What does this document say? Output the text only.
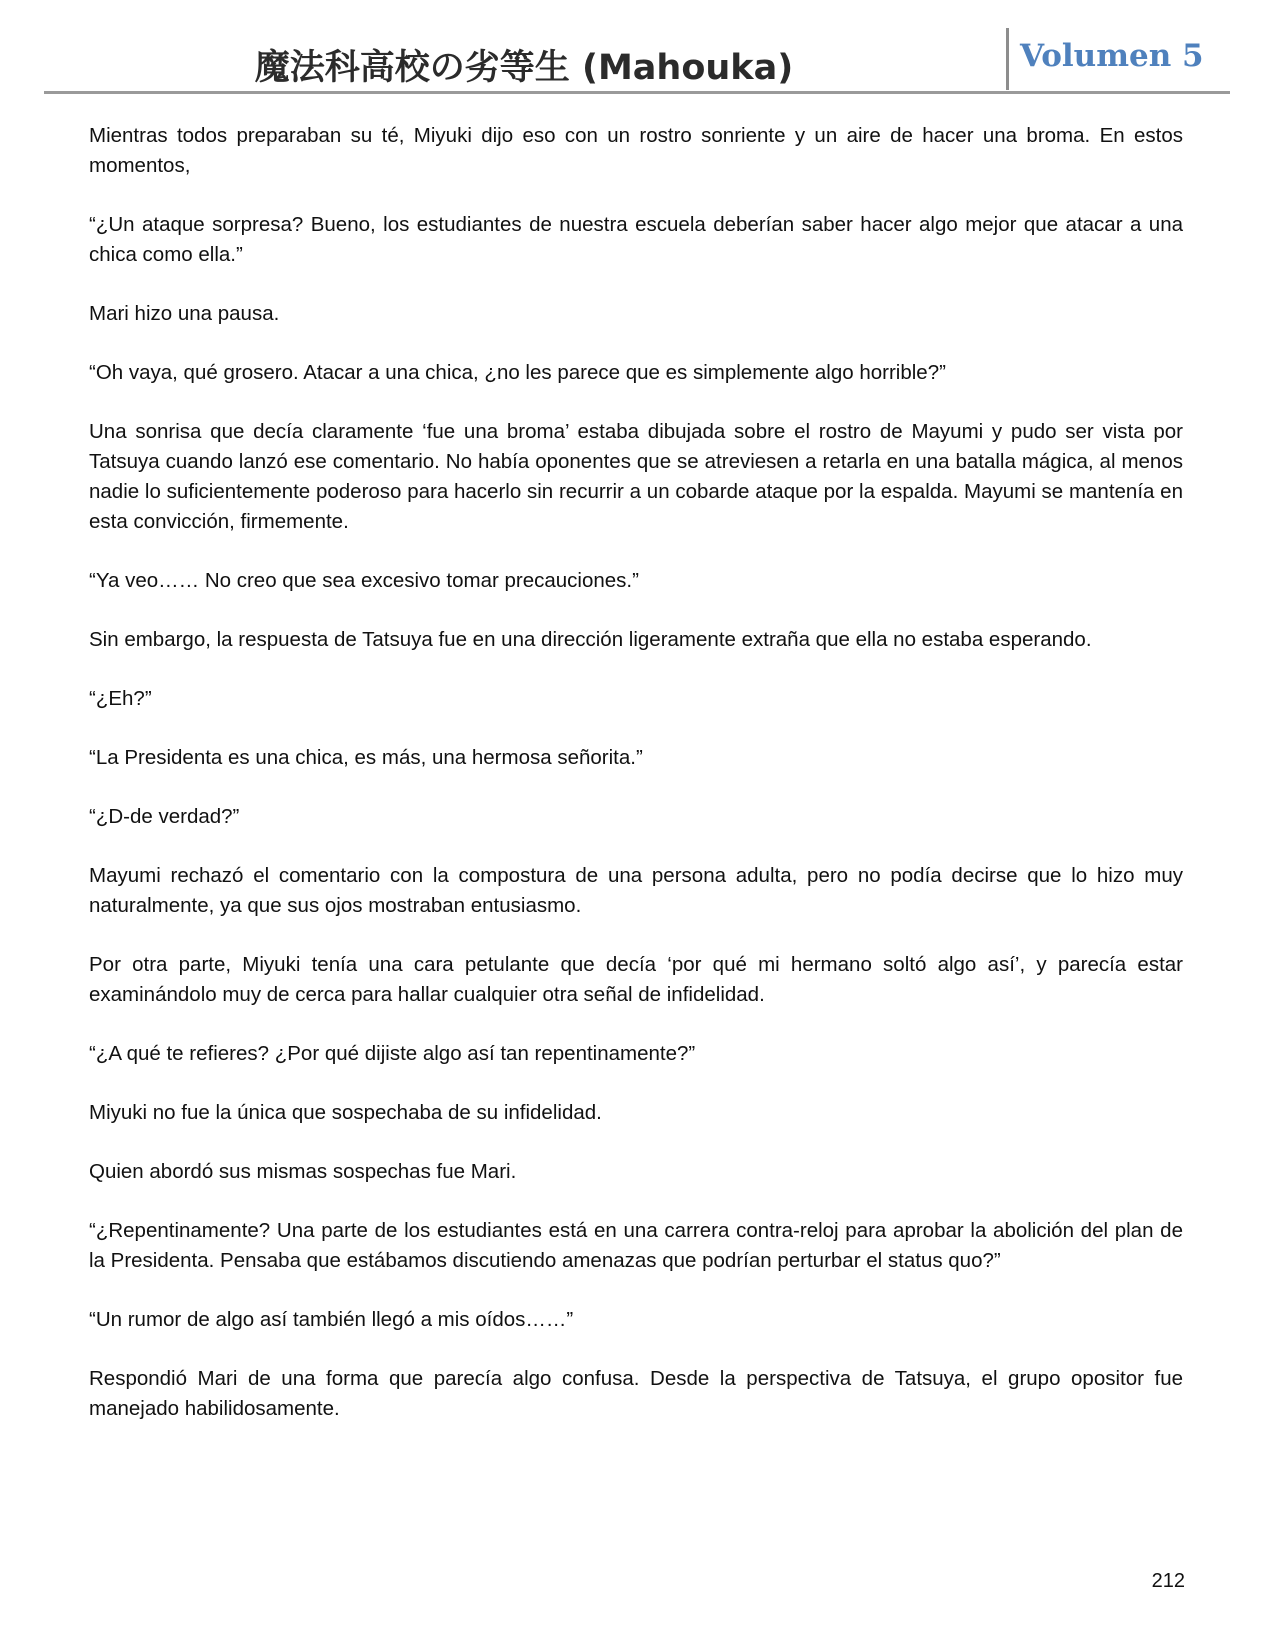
魔法科高校の劣等生 (Mahouka)	Volumen 5

Mientras todos preparaban su té, Miyuki dijo eso con un rostro sonriente y un aire de hacer una broma. En estos momentos,

“¿Un ataque sorpresa? Bueno, los estudiantes de nuestra escuela deberían saber hacer algo mejor que atacar a una chica como ella.”

Mari hizo una pausa.

“Oh vaya, qué grosero. Atacar a una chica, ¿no les parece que es simplemente algo horrible?”

Una sonrisa que decía claramente ‘fue una broma’ estaba dibujada sobre el rostro de Mayumi y pudo ser vista por Tatsuya cuando lanzó ese comentario. No había oponentes que se atreviesen a retarla en una batalla mágica, al menos nadie lo suficientemente poderoso para hacerlo sin recurrir a un cobarde ataque por la espalda. Mayumi se mantenía en esta convicción, firmemente.

“Ya veo…… No creo que sea excesivo tomar precauciones.”

Sin embargo, la respuesta de Tatsuya fue en una dirección ligeramente extraña que ella no estaba esperando.

“¿Eh?”

“La Presidenta es una chica, es más, una hermosa señorita.”

“¿D-de verdad?”

Mayumi rechazó el comentario con la compostura de una persona adulta, pero no podía decirse que lo hizo muy naturalmente, ya que sus ojos mostraban entusiasmo.

Por otra parte, Miyuki tenía una cara petulante que decía ‘por qué mi hermano soltó algo así’, y parecía estar examinándolo muy de cerca para hallar cualquier otra señal de infidelidad.

“¿A qué te refieres? ¿Por qué dijiste algo así tan repentinamente?”

Miyuki no fue la única que sospechaba de su infidelidad.

Quien abordó sus mismas sospechas fue Mari.

“¿Repentinamente? Una parte de los estudiantes está en una carrera contra-reloj para aprobar la abolición del plan de la Presidenta. Pensaba que estábamos discutiendo amenazas que podrían perturbar el status quo?”

“Un rumor de algo así también llegó a mis oídos……”

Respondió Mari de una forma que parecía algo confusa. Desde la perspectiva de Tatsuya, el grupo opositor fue manejado habilidosamente.

212
